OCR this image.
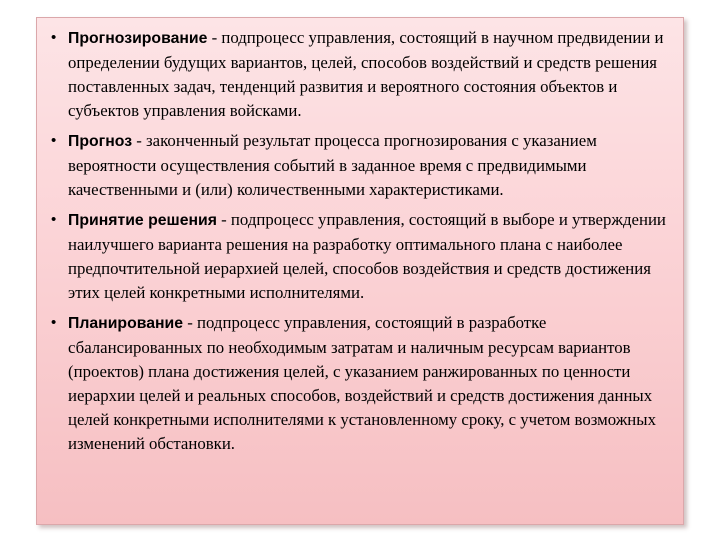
• Прогнозирование - подпроцесс управления, состоящий в научном предвидении и определении будущих вариантов, целей, способов воздействий и средств решения поставленных задач, тенденций развития и вероятного состояния объектов и субъектов управления войсками.
• Прогноз - законченный результат процесса прогнозирования с указанием вероятности осуществления событий в заданное время с предвидимыми качественными и (или) количественными характеристиками.
• Принятие решения - подпроцесс управления, состоящий в выборе и утверждении наилучшего варианта решения на разработку оптимального плана с наиболее предпочтительной иерархией целей, способов воздействия и средств достижения этих целей конкретными исполнителями.
• Планирование - подпроцесс управления, состоящий в разработке сбалансированных по необходимым затратам и наличным ресурсам вариантов (проектов) плана достижения целей, с указанием ранжированных по ценности иерархии целей и реальных способов, воздействий и средств достижения данных целей конкретными исполнителями к установленному сроку, с учетом возможных изменений обстановки.
